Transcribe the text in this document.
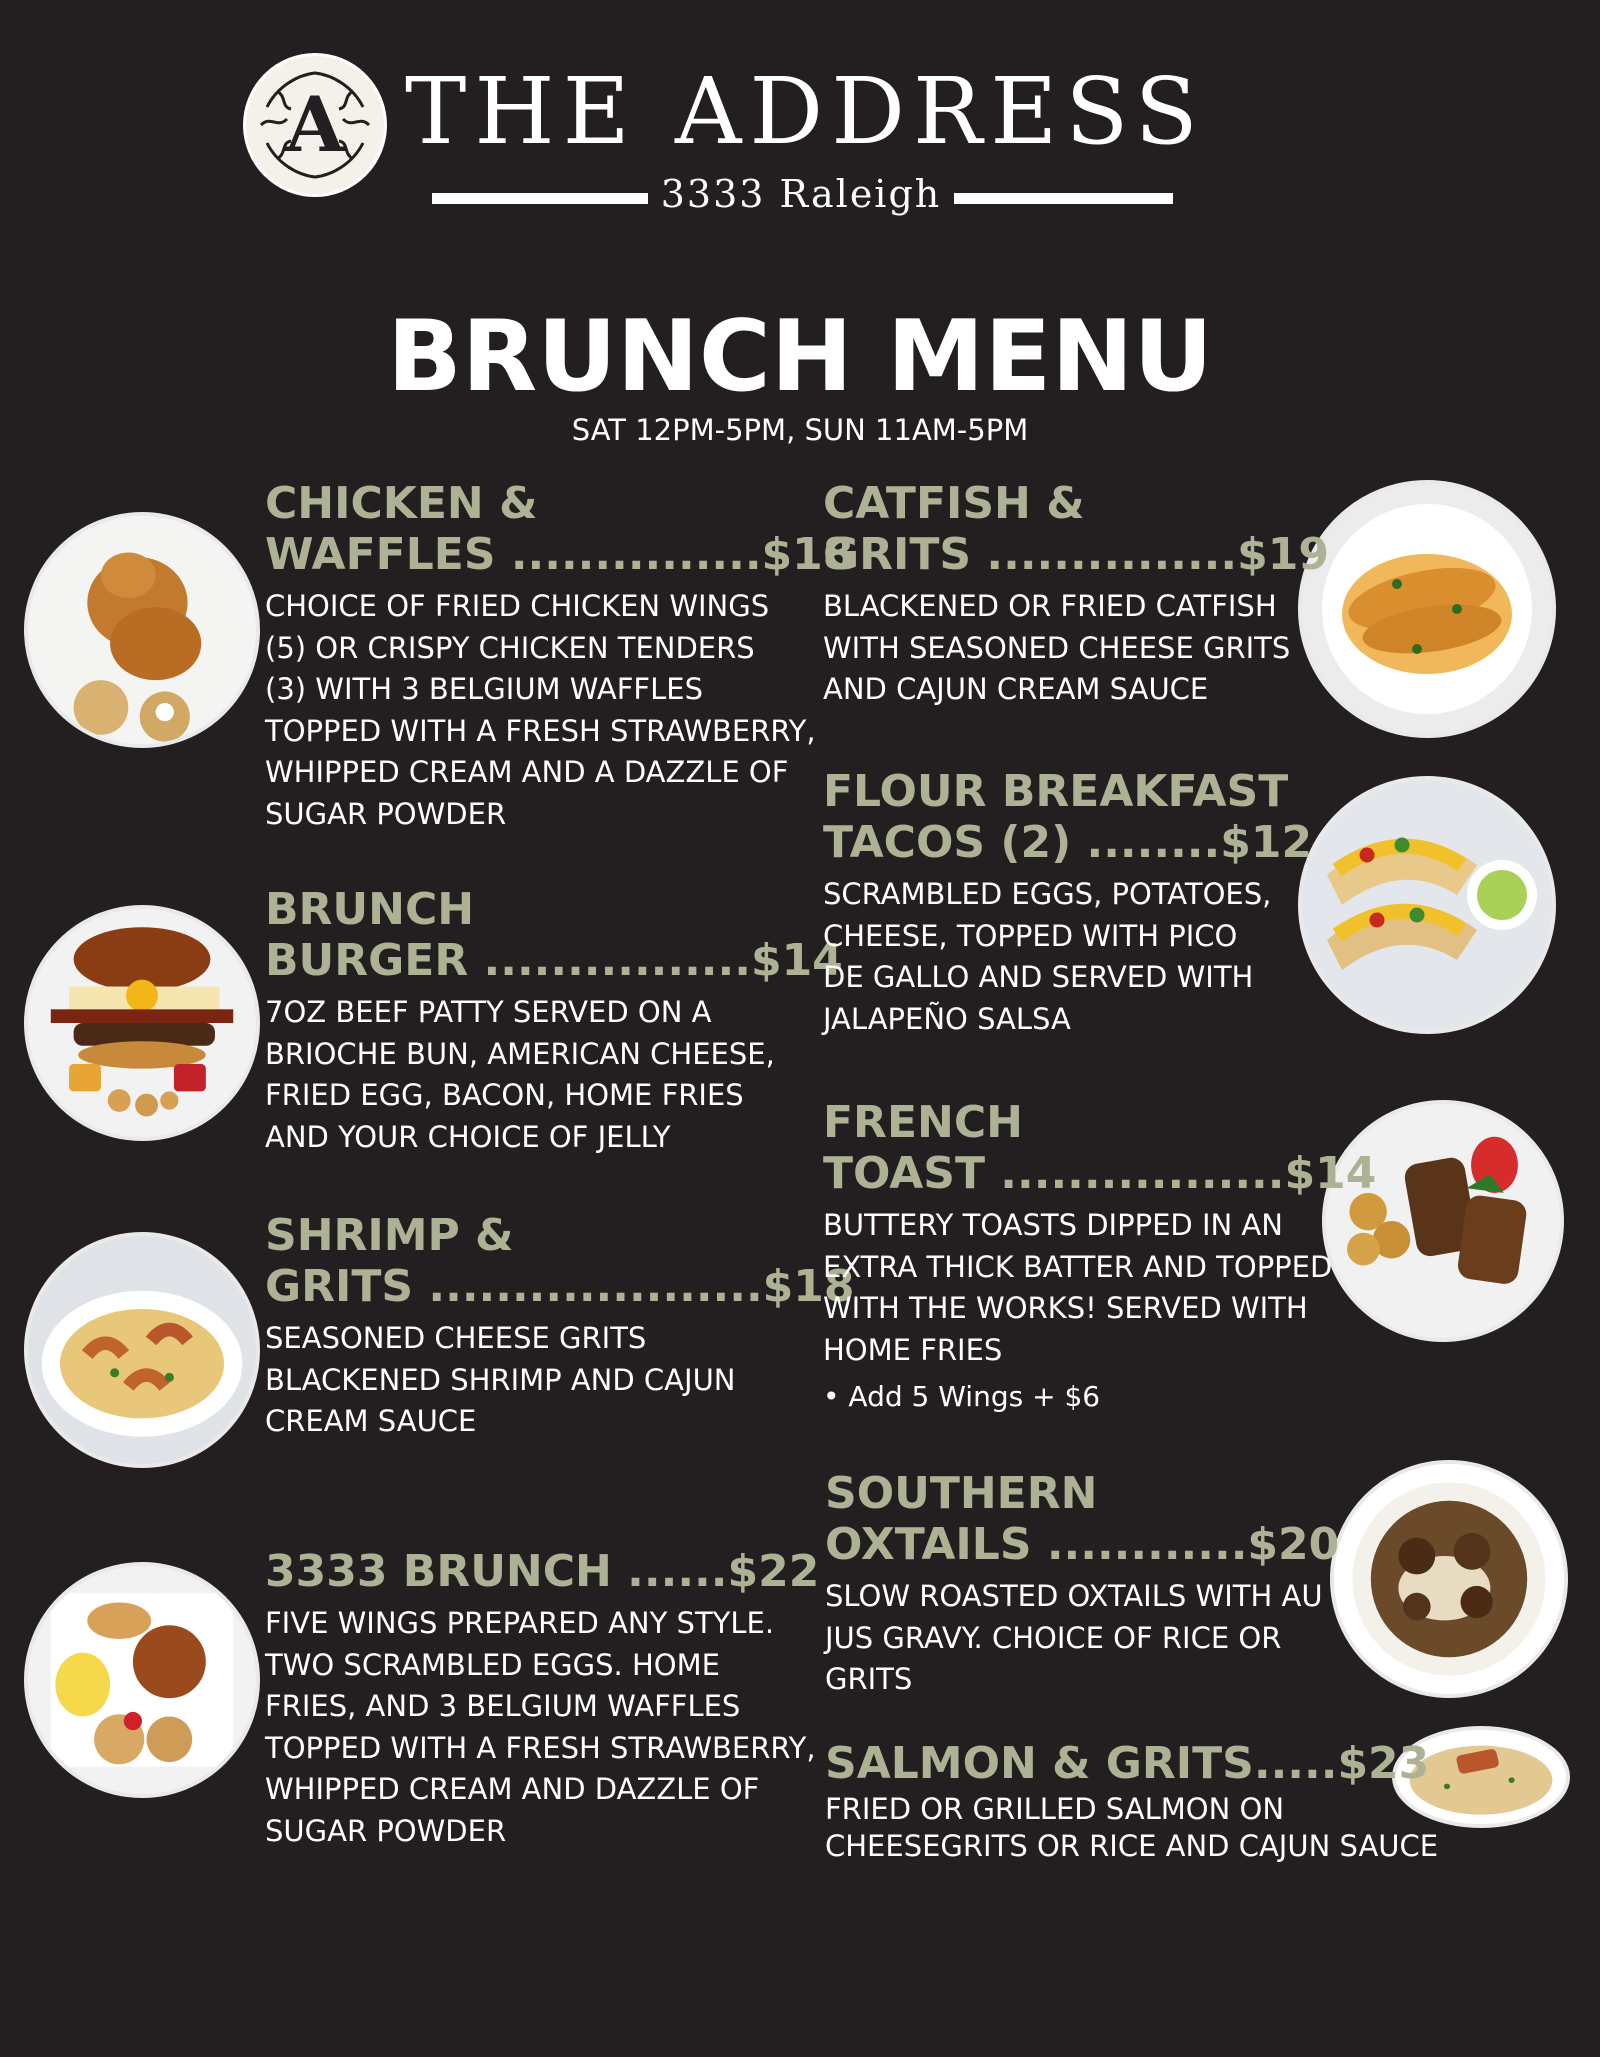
A THE ADDRESS
3333 Raleigh
BRUNCH MENU
SAT 12PM-5PM, SUN 11AM-5PM
CHICKEN &
WAFFLES ...............$18
CHOICE OF FRIED CHICKEN WINGS
(5) OR CRISPY CHICKEN TENDERS
(3) WITH 3 BELGIUM WAFFLES
TOPPED WITH A FRESH STRAWBERRY,
WHIPPED CREAM AND A DAZZLE OF
SUGAR POWDER
BRUNCH
BURGER ................$14
7OZ BEEF PATTY SERVED ON A
BRIOCHE BUN, AMERICAN CHEESE,
FRIED EGG, BACON, HOME FRIES
AND YOUR CHOICE OF JELLY
SHRIMP &
GRITS ....................$18
SEASONED CHEESE GRITS
BLACKENED SHRIMP AND CAJUN
CREAM SAUCE
3333 BRUNCH ......$22
FIVE WINGS PREPARED ANY STYLE.
TWO SCRAMBLED EGGS. HOME
FRIES, AND 3 BELGIUM WAFFLES
TOPPED WITH A FRESH STRAWBERRY,
WHIPPED CREAM AND DAZZLE OF
SUGAR POWDER
CATFISH &
GRITS ...............$19
BLACKENED OR FRIED CATFISH
WITH SEASONED CHEESE GRITS
AND CAJUN CREAM SAUCE
FLOUR BREAKFAST
TACOS (2) ........$12
SCRAMBLED EGGS, POTATOES,
CHEESE, TOPPED WITH PICO
DE GALLO AND SERVED WITH
JALAPEÑO SALSA
FRENCH
TOAST .................$14
BUTTERY TOASTS DIPPED IN AN
EXTRA THICK BATTER AND TOPPED
WITH THE WORKS! SERVED WITH
HOME FRIES
• Add 5 Wings + $6
SOUTHERN
OXTAILS ............$20
SLOW ROASTED OXTAILS WITH AU
JUS GRAVY. CHOICE OF RICE OR
GRITS
SALMON & GRITS.....$23
FRIED OR GRILLED SALMON ON
CHEESEGRITS OR RICE AND CAJUN SAUCE
